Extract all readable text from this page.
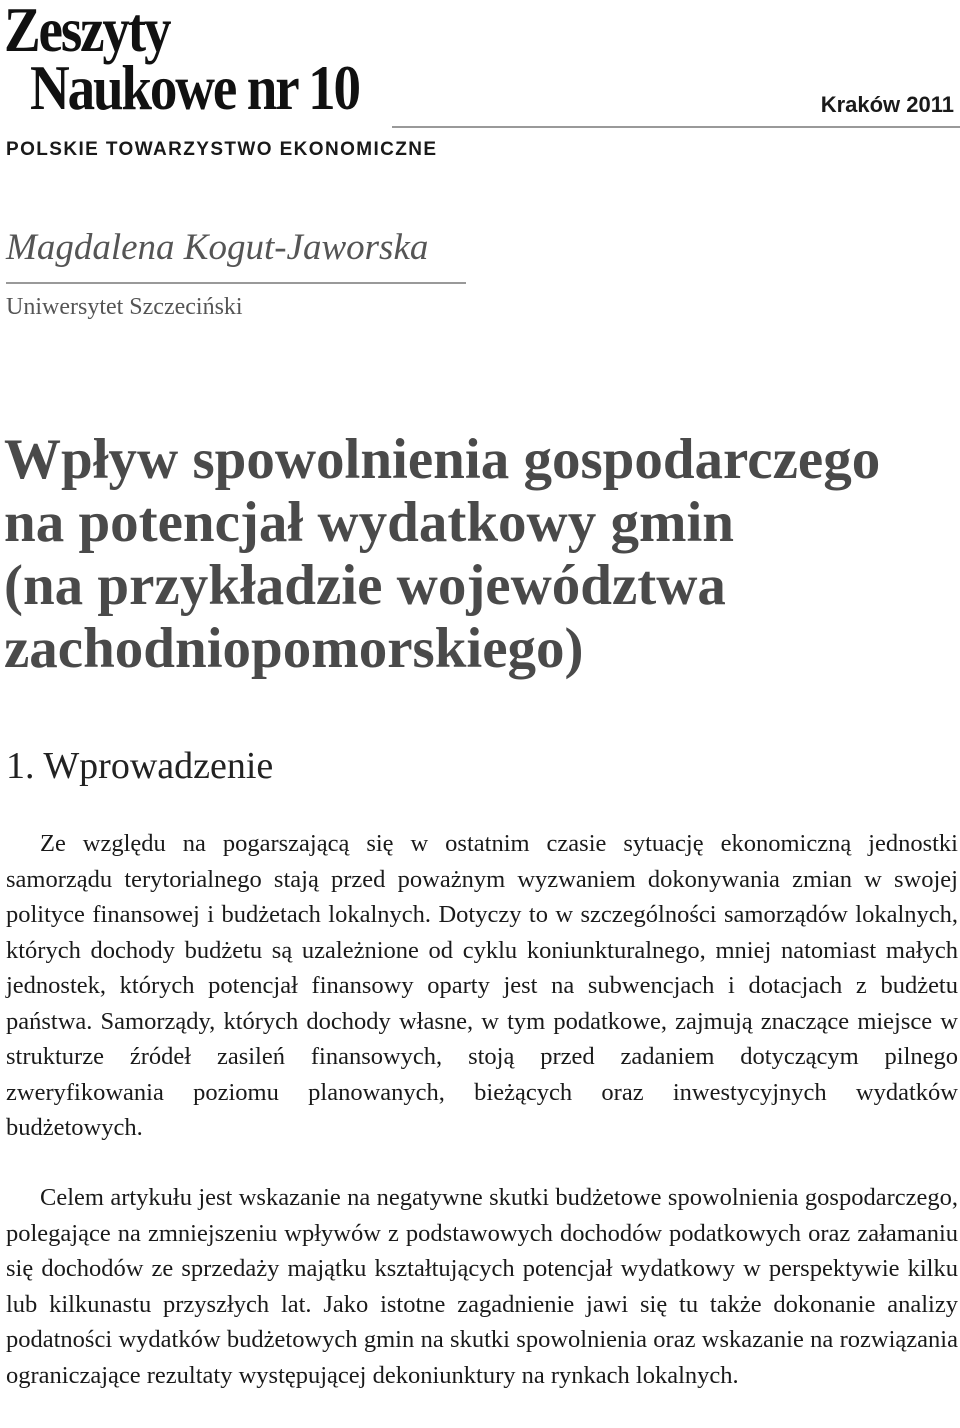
Zeszyty
Naukowe nr 10	Kraków 2011
POLSKIE TOWARZYSTWO EKONOMICZNE
Magdalena Kogut-Jaworska
Uniwersytet Szczeciński
Wpływ spowolnienia gospodarczego
na potencjał wydatkowy gmin
(na przykładzie województwa
zachodniopomorskiego)
1. Wprowadzenie
Ze względu na pogarszającą się w ostatnim czasie sytuację ekonomiczną jednostki samorządu terytorialnego stają przed poważnym wyzwaniem dokonywania zmian w swojej polityce finansowej i budżetach lokalnych. Dotyczy to w szczególności samorządów lokalnych, których dochody budżetu są uzależnione od cyklu koniunkturalnego, mniej natomiast małych jednostek, których potencjał finansowy oparty jest na subwencjach i dotacjach z budżetu państwa. Samorządy, których dochody własne, w tym podatkowe, zajmują znaczące miejsce w strukturze źródeł zasileń finansowych, stoją przed zadaniem dotyczącym pilnego zweryfikowania poziomu planowanych, bieżących oraz inwestycyjnych wydatków budżetowych.
Celem artykułu jest wskazanie na negatywne skutki budżetowe spowolnienia gospodarczego, polegające na zmniejszeniu wpływów z podstawowych dochodów podatkowych oraz załamaniu się dochodów ze sprzedaży majątku kształtujących potencjał wydatkowy w perspektywie kilku lub kilkunastu przyszłych lat. Jako istotne zagadnienie jawi się tu także dokonanie analizy podatności wydatków budżetowych gmin na skutki spowolnienia oraz wskazanie na rozwiązania ograniczające rezultaty występującej dekoniunktury na rynkach lokalnych.
